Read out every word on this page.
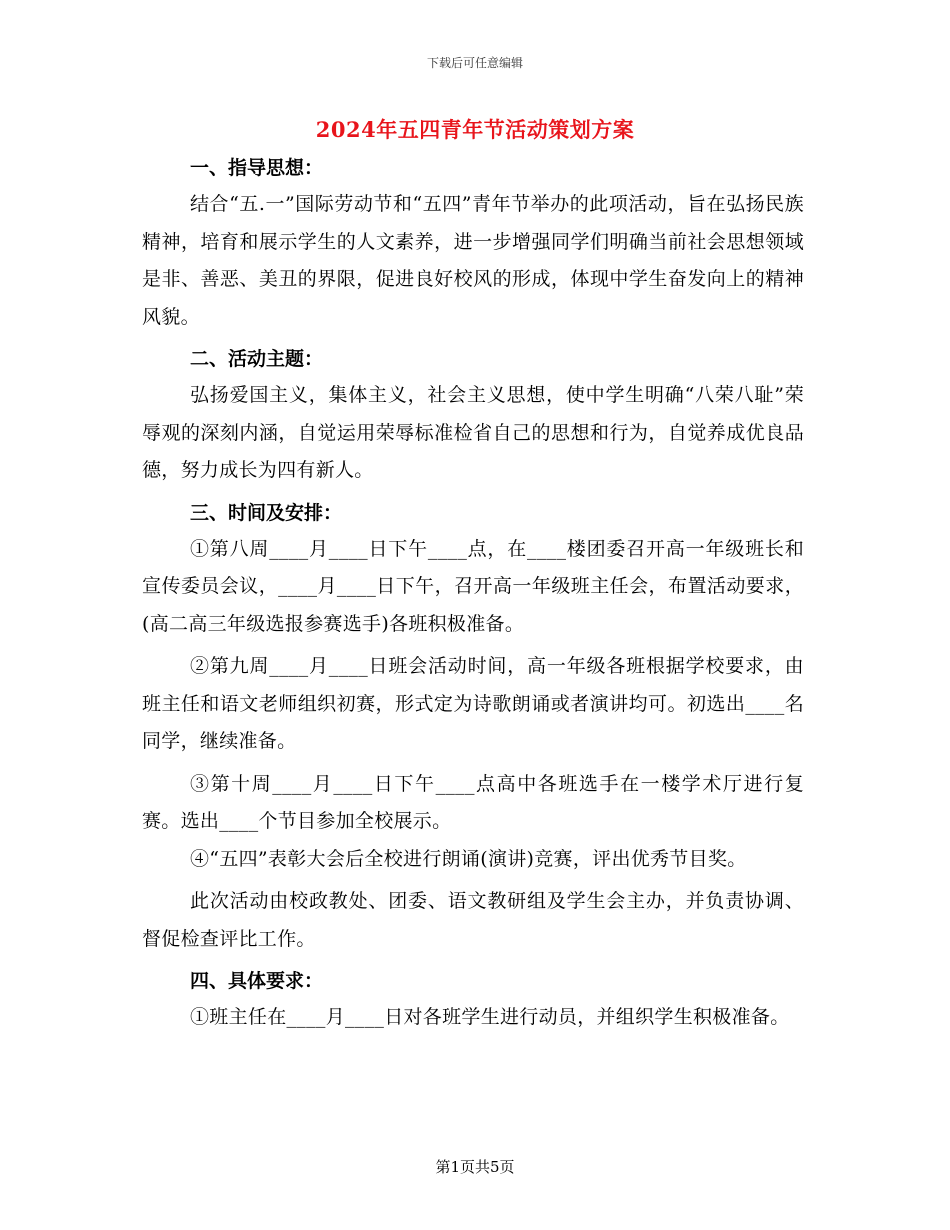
下载后可任意编辑
2024年五四青年节活动策划方案

一、指导思想：

结合“五.一”国际劳动节和“五四”青年节举办的此项活动，旨在弘扬民族精神，培育和展示学生的人文素养，进一步增强同学们明确当前社会思想领域是非、善恶、美丑的界限，促进良好校风的形成，体现中学生奋发向上的精神风貌。

二、活动主题：

弘扬爱国主义，集体主义，社会主义思想，使中学生明确“八荣八耻”荣辱观的深刻内涵，自觉运用荣辱标准检省自己的思想和行为，自觉养成优良品德，努力成长为四有新人。

三、时间及安排：

①第八周____月____日下午____点，在____楼团委召开高一年级班长和宣传委员会议，____月____日下午，召开高一年级班主任会，布置活动要求，(高二高三年级选报参赛选手)各班积极准备。

②第九周____月____日班会活动时间，高一年级各班根据学校要求，由班主任和语文老师组织初赛，形式定为诗歌朗诵或者演讲均可。初选出____名同学，继续准备。

③第十周____月____日下午____点高中各班选手在一楼学术厅进行复赛。选出____个节目参加全校展示。

④“五四”表彰大会后全校进行朗诵(演讲)竞赛，评出优秀节目奖。

此次活动由校政教处、团委、语文教研组及学生会主办，并负责协调、督促检查评比工作。

四、具体要求：

①班主任在____月____日对各班学生进行动员，并组织学生积极准备。

第1页共5页
